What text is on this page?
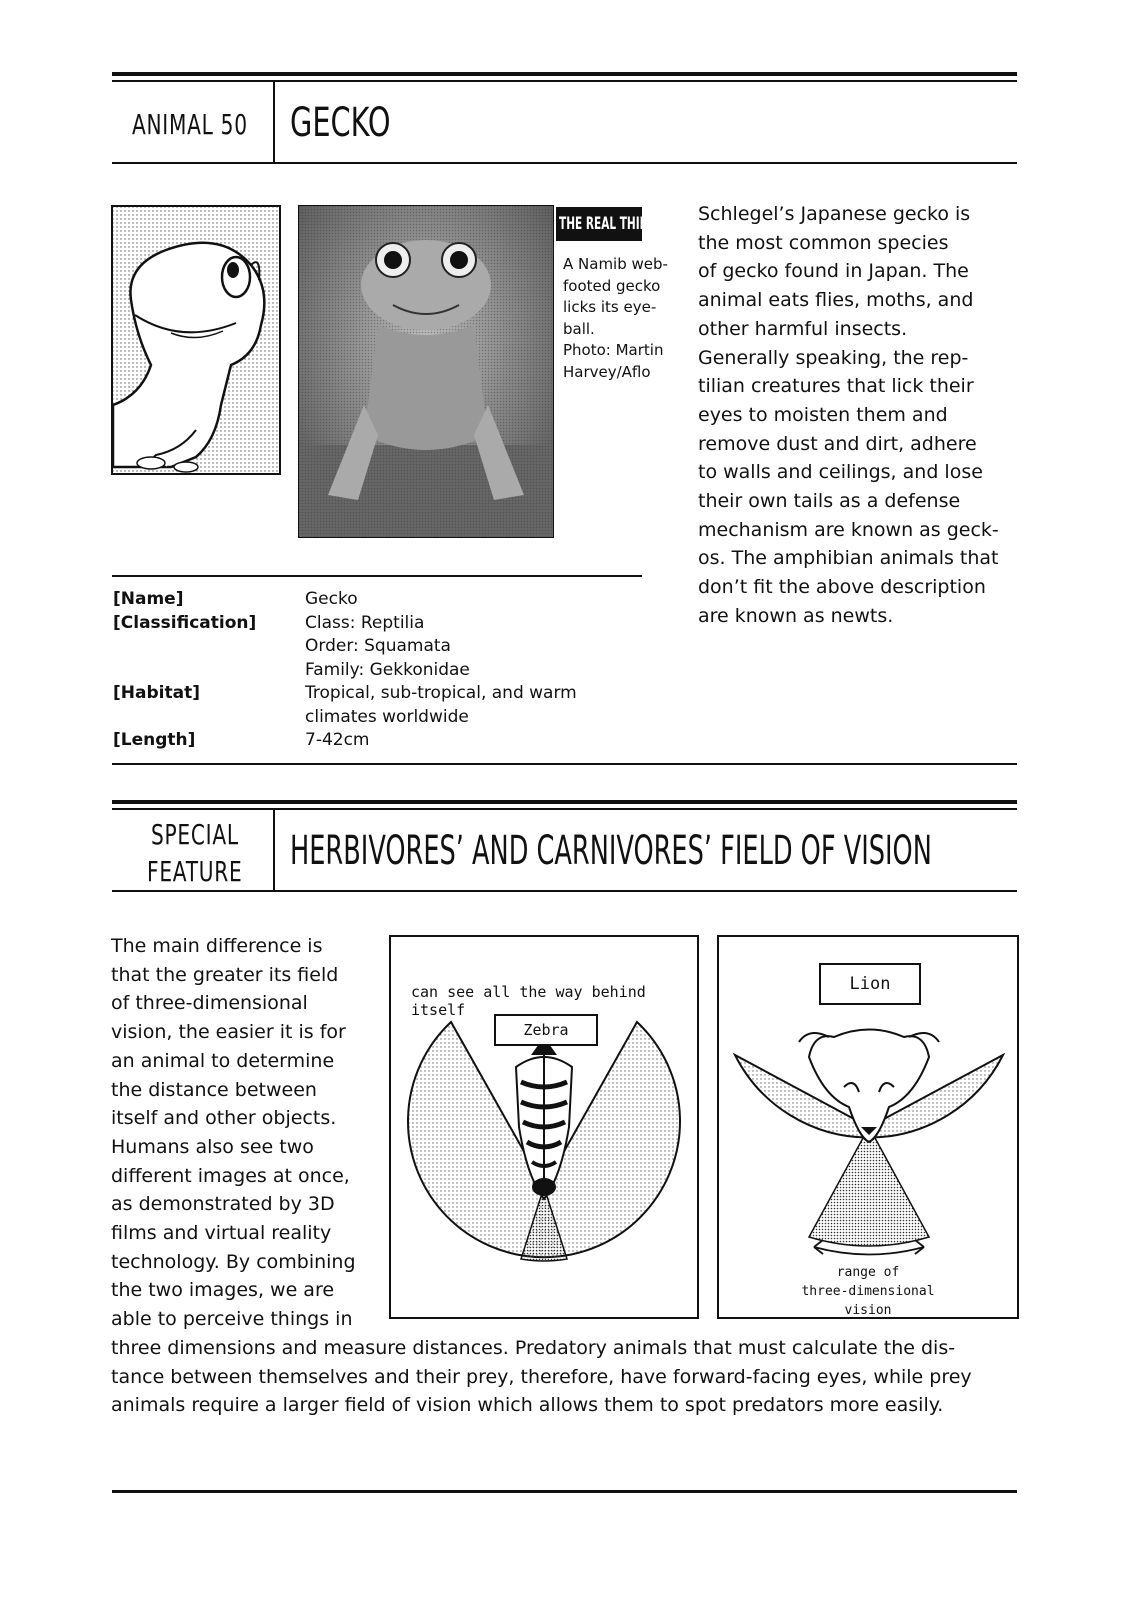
ANIMAL 50 GECKO
THE REAL THING
A Namib web-
footed gecko
licks its eye-
ball.
Photo: Martin
Harvey/Aflo
Schlegel’s Japanese gecko is
the most common species
of gecko found in Japan. The
animal eats flies, moths, and
other harmful insects.
Generally speaking, the rep-
tilian creatures that lick their
eyes to moisten them and
remove dust and dirt, adhere
to walls and ceilings, and lose
their own tails as a defense
mechanism are known as geck-
os. The amphibian animals that
don’t fit the above description
are known as newts.
[Name]
[Classification]
[Habitat]
[Length]
Gecko
Class: Reptilia
Order: Squamata
Family: Gekkonidae
Tropical, sub-tropical, and warm
climates worldwide
7-42cm
SPECIAL
FEATURE HERBIVORES’ AND CARNIVORES’ FIELD OF VISION
The main difference is
that the greater its field
of three-dimensional
vision, the easier it is for
an animal to determine
the distance between
itself and other objects.
Humans also see two
different images at once,
as demonstrated by 3D
films and virtual reality
technology. By combining
the two images, we are
able to perceive things in
three dimensions and measure distances. Predatory animals that must calculate the dis-
tance between themselves and their prey, therefore, have forward-facing eyes, while prey
animals require a larger field of vision which allows them to spot predators more easily.
can see all the way behind itself
Zebra
Lion
range of
three-dimensional
vision
